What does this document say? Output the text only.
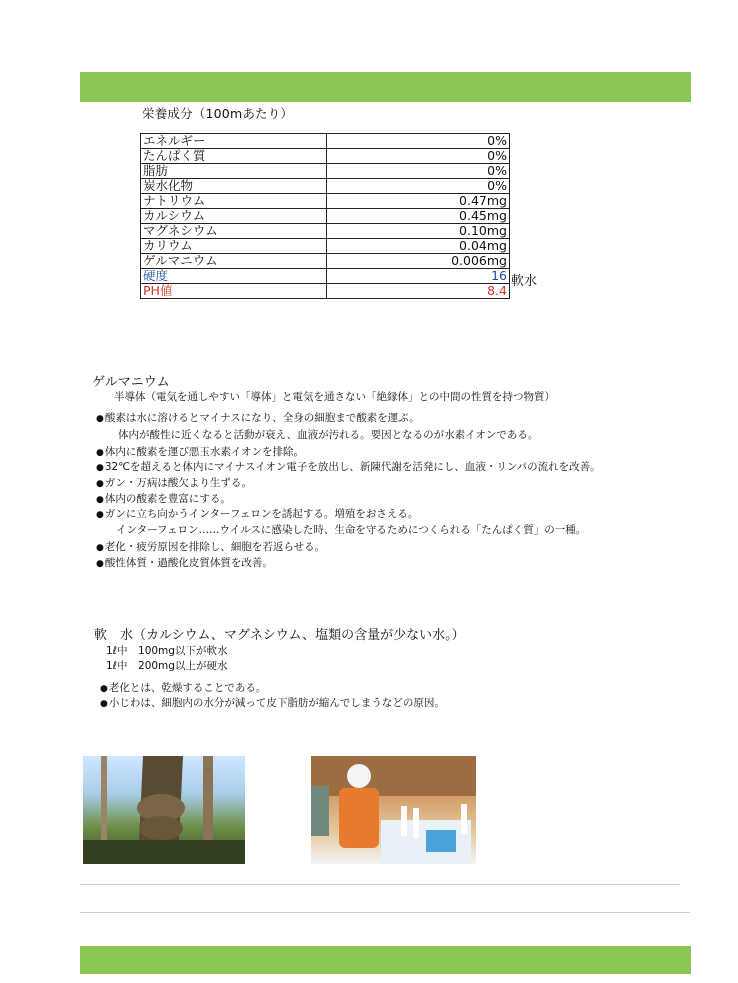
栄養成分（100mあたり）
エネルギー	0%
たんぱく質	0%
脂肪	0%
炭水化物	0%
ナトリウム	0.47mg
カルシウム	0.45mg
マグネシウム	0.10mg
カリウム	0.04mg
ゲルマニウム	0.006mg
硬度	16
PH値	8.4
軟水
ゲルマニウム
半導体（電気を通しやすい「導体」と電気を通さない「絶縁体」との中間の性質を持つ物質）
● 酸素は水に溶けるとマイナスになり、全身の細胞まで酸素を運ぶ。
体内が酸性に近くなると活動が衰え、血液が汚れる。要因となるのが水素イオンである。
● 体内に酸素を運び悪玉水素イオンを排除。
● 32℃を超えると体内にマイナスイオン電子を放出し、新陳代謝を活発にし、血液・リンパの流れを改善。
● ガン・万病は酸欠より生ずる。
● 体内の酸素を豊富にする。
● ガンに立ち向かうインターフェロンを誘起する。増殖をおさえる。
インターフェロン……ウイルスに感染した時、生命を守るためにつくられる「たんぱく質」の一種。
● 老化・疲労原因を排除し、細胞を若返らせる。
● 酸性体質・過酸化皮質体質を改善。
軟　水（カルシウム、マグネシウム、塩類の含量が少ない水。）
1ℓ中　100mg以下が軟水
1ℓ中　200mg以上が硬水
● 老化とは、乾燥することである。
● 小じわは、細胞内の水分が減って皮下脂肪が縮んでしまうなどの原因。
